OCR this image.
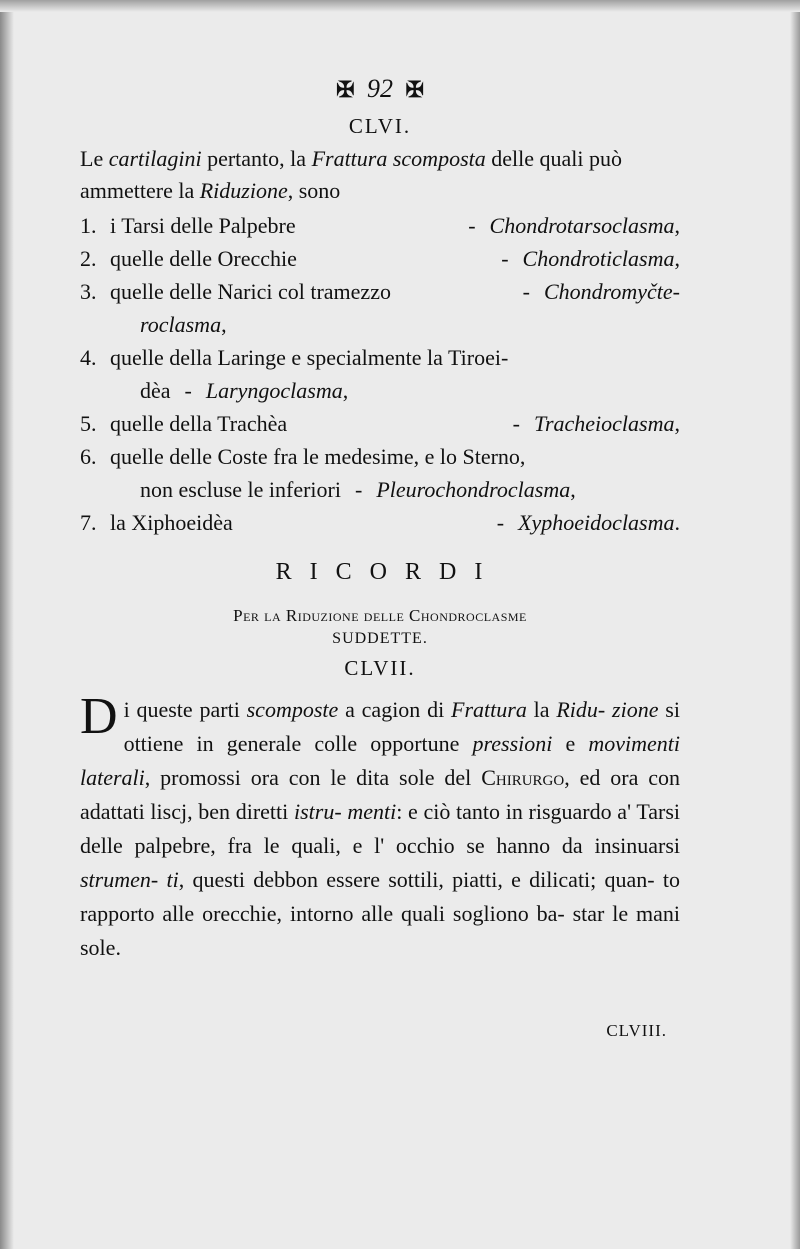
✠ 92 ✠
CLVI.
Le cartilagini pertanto, la Frattura scomposta delle quali può ammettere la Riduzione, sono
1. i Tarsi delle Palpebre	- Chondrotarsoclasma,
2. quelle delle Orecchie	- Chondroticlasma,
3. quelle delle Narici col tramezzo	- Chondromyčte-
roclasma,
4. quelle della Laringe e specialmente la Tiroei-
dèa - Laryngoclasma,
5. quelle della Trachèa	- Tracheioclasma,
6. quelle delle Coste fra le medesime, e lo Sterno,
non escluse le inferiori - Pleurochondroclasma,
7. la Xiphoeidèa	- Xyphoeidoclasma.
RICORDI
Per la Riduzione delle Chondroclasme
SUDDETTE.
CLVII.
D i queste parti scomposte a cagion di Frattura la Ridu- zione si ottiene in generale colle opportune pressioni e movimenti laterali, promossi ora con le dita sole del Chirurgo, ed ora con adattati liscj, ben diretti istru- menti: e ciò tanto in risguardo a' Tarsi delle palpebre, fra le quali, e l' occhio se hanno da insinuarsi strumen- ti, questi debbon essere sottili, piatti, e dilicati; quan- to rapporto alle orecchie, intorno alle quali sogliono ba- star le mani sole.
CLVIII.
